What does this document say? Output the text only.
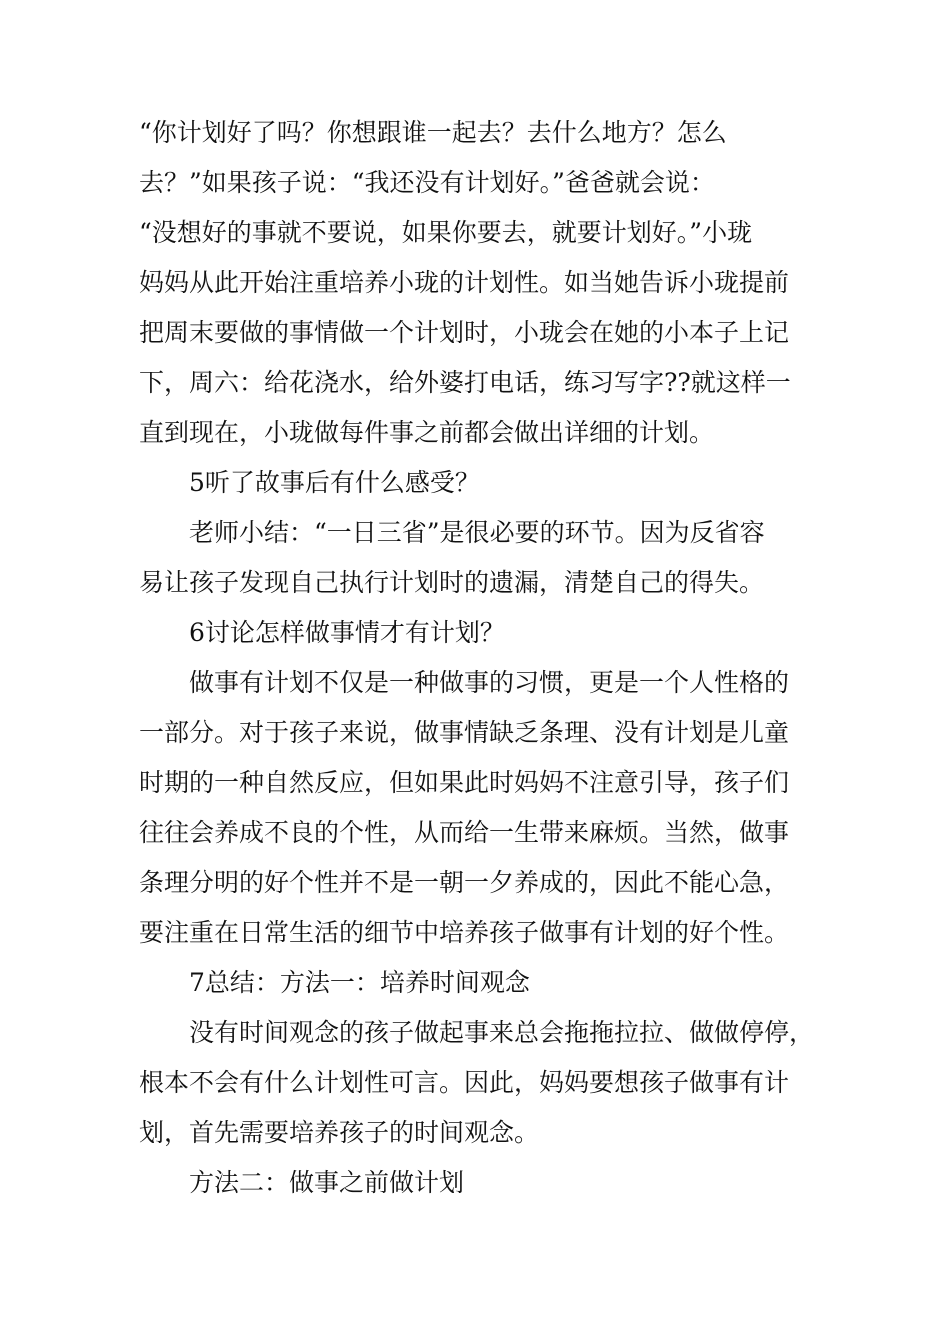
“你计划好了吗？你想跟谁一起去？去什么地方？怎么

去？”如果孩子说：“我还没有计划好。”爸爸就会说：

“没想好的事就不要说，如果你要去，就要计划好。”小珑

妈妈从此开始注重培养小珑的计划性。如当她告诉小珑提前

把周末要做的事情做一个计划时，小珑会在她的小本子上记

下，周六：给花浇水，给外婆打电话，练习写字??就这样一

直到现在，小珑做每件事之前都会做出详细的计划。

5听了故事后有什么感受？

老师小结：“一日三省”是很必要的环节。因为反省容

易让孩子发现自己执行计划时的遗漏，清楚自己的得失。

6讨论怎样做事情才有计划？

做事有计划不仅是一种做事的习惯，更是一个人性格的

一部分。对于孩子来说，做事情缺乏条理、没有计划是儿童

时期的一种自然反应，但如果此时妈妈不注意引导，孩子们

往往会养成不良的个性，从而给一生带来麻烦。当然，做事

条理分明的好个性并不是一朝一夕养成的，因此不能心急，

要注重在日常生活的细节中培养孩子做事有计划的好个性。

7总结：方法一：培养时间观念

没有时间观念的孩子做起事来总会拖拖拉拉、做做停停，

根本不会有什么计划性可言。因此，妈妈要想孩子做事有计

划，首先需要培养孩子的时间观念。

方法二：做事之前做计划
